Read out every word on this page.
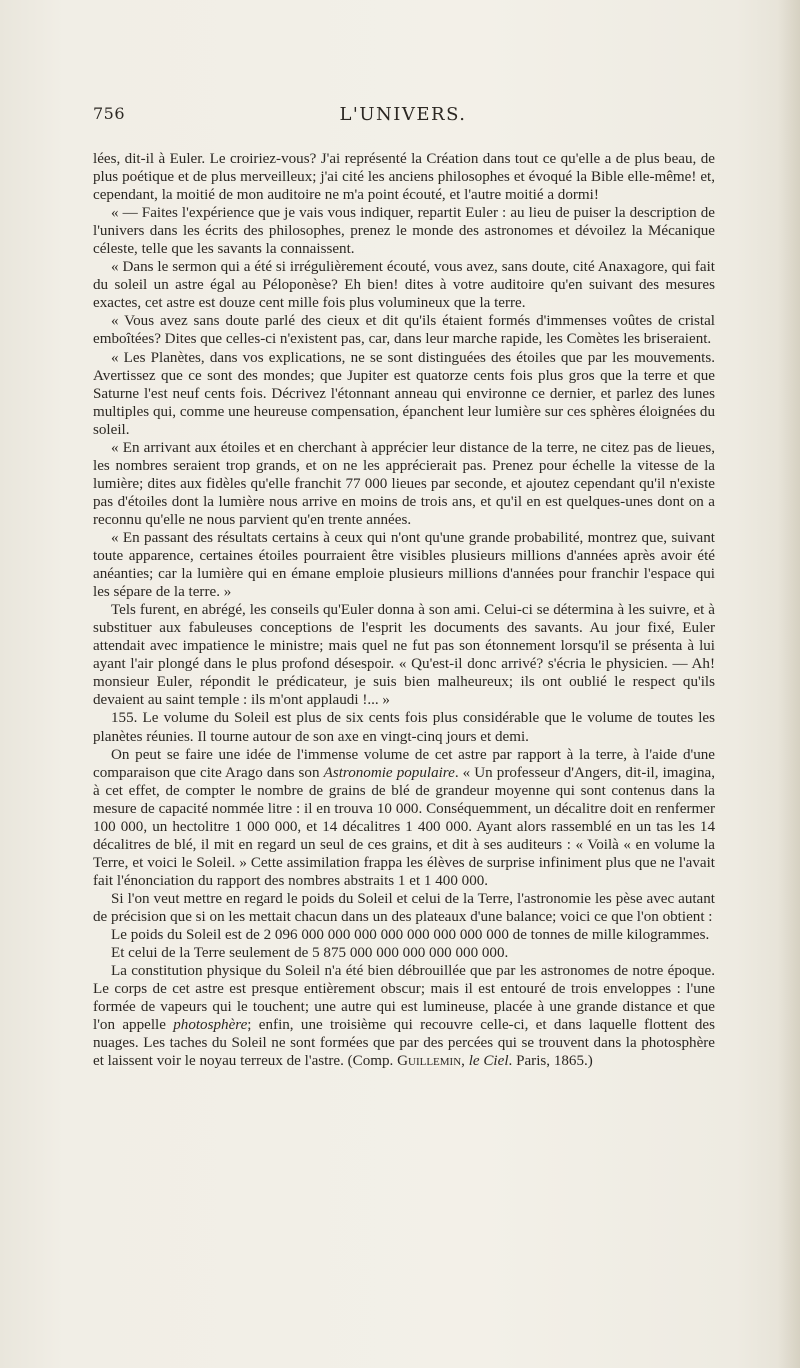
756	L'UNIVERS.

lées, dit-il à Euler. Le croiriez-vous? J'ai représenté la Création dans tout ce qu'elle a de plus beau, de plus poétique et de plus merveilleux; j'ai cité les anciens philosophes et évoqué la Bible elle-même! et, cependant, la moitié de mon auditoire ne m'a point écouté, et l'autre moitié a dormi!

« — Faites l'expérience que je vais vous indiquer, repartit Euler : au lieu de puiser la description de l'univers dans les écrits des philosophes, prenez le monde des astronomes et dévoilez la Mécanique céleste, telle que les savants la connaissent.

« Dans le sermon qui a été si irrégulièrement écouté, vous avez, sans doute, cité Anaxagore, qui fait du soleil un astre égal au Péloponèse? Eh bien! dites à votre auditoire qu'en suivant des mesures exactes, cet astre est douze cent mille fois plus volumineux que la terre.

« Vous avez sans doute parlé des cieux et dit qu'ils étaient formés d'immenses voûtes de cristal emboîtées? Dites que celles-ci n'existent pas, car, dans leur marche rapide, les Comètes les briseraient.

« Les Planètes, dans vos explications, ne se sont distinguées des étoiles que par les mouvements. Avertissez que ce sont des mondes; que Jupiter est quatorze cents fois plus gros que la terre et que Saturne l'est neuf cents fois. Décrivez l'étonnant anneau qui environne ce dernier, et parlez des lunes multiples qui, comme une heureuse compensation, épanchent leur lumière sur ces sphères éloignées du soleil.

« En arrivant aux étoiles et en cherchant à apprécier leur distance de la terre, ne citez pas de lieues, les nombres seraient trop grands, et on ne les apprécierait pas. Prenez pour échelle la vitesse de la lumière; dites aux fidèles qu'elle franchit 77 000 lieues par seconde, et ajoutez cependant qu'il n'existe pas d'étoiles dont la lumière nous arrive en moins de trois ans, et qu'il en est quelques-unes dont on a reconnu qu'elle ne nous parvient qu'en trente années.

« En passant des résultats certains à ceux qui n'ont qu'une grande probabilité, montrez que, suivant toute apparence, certaines étoiles pourraient être visibles plusieurs millions d'années après avoir été anéanties; car la lumière qui en émane emploie plusieurs millions d'années pour franchir l'espace qui les sépare de la terre. »

Tels furent, en abrégé, les conseils qu'Euler donna à son ami. Celui-ci se détermina à les suivre, et à substituer aux fabuleuses conceptions de l'esprit les documents des savants. Au jour fixé, Euler attendait avec impatience le ministre; mais quel ne fut pas son étonnement lorsqu'il se présenta à lui ayant l'air plongé dans le plus profond désespoir. « Qu'est-il donc arrivé? s'écria le physicien. — Ah! monsieur Euler, répondit le prédicateur, je suis bien malheureux; ils ont oublié le respect qu'ils devaient au saint temple : ils m'ont applaudi !... »

155. Le volume du Soleil est plus de six cents fois plus considérable que le volume de toutes les planètes réunies. Il tourne autour de son axe en vingt-cinq jours et demi.

On peut se faire une idée de l'immense volume de cet astre par rapport à la terre, à l'aide d'une comparaison que cite Arago dans son Astronomie populaire. « Un professeur d'Angers, dit-il, imagina, à cet effet, de compter le nombre de grains de blé de grandeur moyenne qui sont contenus dans la mesure de capacité nommée litre : il en trouva 10 000. Conséquemment, un décalitre doit en renfermer 100 000, un hectolitre 1 000 000, et 14 décalitres 1 400 000. Ayant alors rassemblé en un tas les 14 décalitres de blé, il mit en regard un seul de ces grains, et dit à ses auditeurs : « Voilà « en volume la Terre, et voici le Soleil. » Cette assimilation frappa les élèves de surprise infiniment plus que ne l'avait fait l'énonciation du rapport des nombres abstraits 1 et 1 400 000.

Si l'on veut mettre en regard le poids du Soleil et celui de la Terre, l'astronomie les pèse avec autant de précision que si on les mettait chacun dans un des plateaux d'une balance; voici ce que l'on obtient :

Le poids du Soleil est de 2 096 000 000 000 000 000 000 000 000 de tonnes de mille kilogrammes.

Et celui de la Terre seulement de 5 875 000 000 000 000 000 000.

La constitution physique du Soleil n'a été bien débrouillée que par les astronomes de notre époque. Le corps de cet astre est presque entièrement obscur; mais il est entouré de trois enveloppes : l'une formée de vapeurs qui le touchent; une autre qui est lumineuse, placée à une grande distance et que l'on appelle photosphère; enfin, une troisième qui recouvre celle-ci, et dans laquelle flottent des nuages. Les taches du Soleil ne sont formées que par des percées qui se trouvent dans la photosphère et laissent voir le noyau terreux de l'astre. (Comp. Guillemin, le Ciel. Paris, 1865.)
